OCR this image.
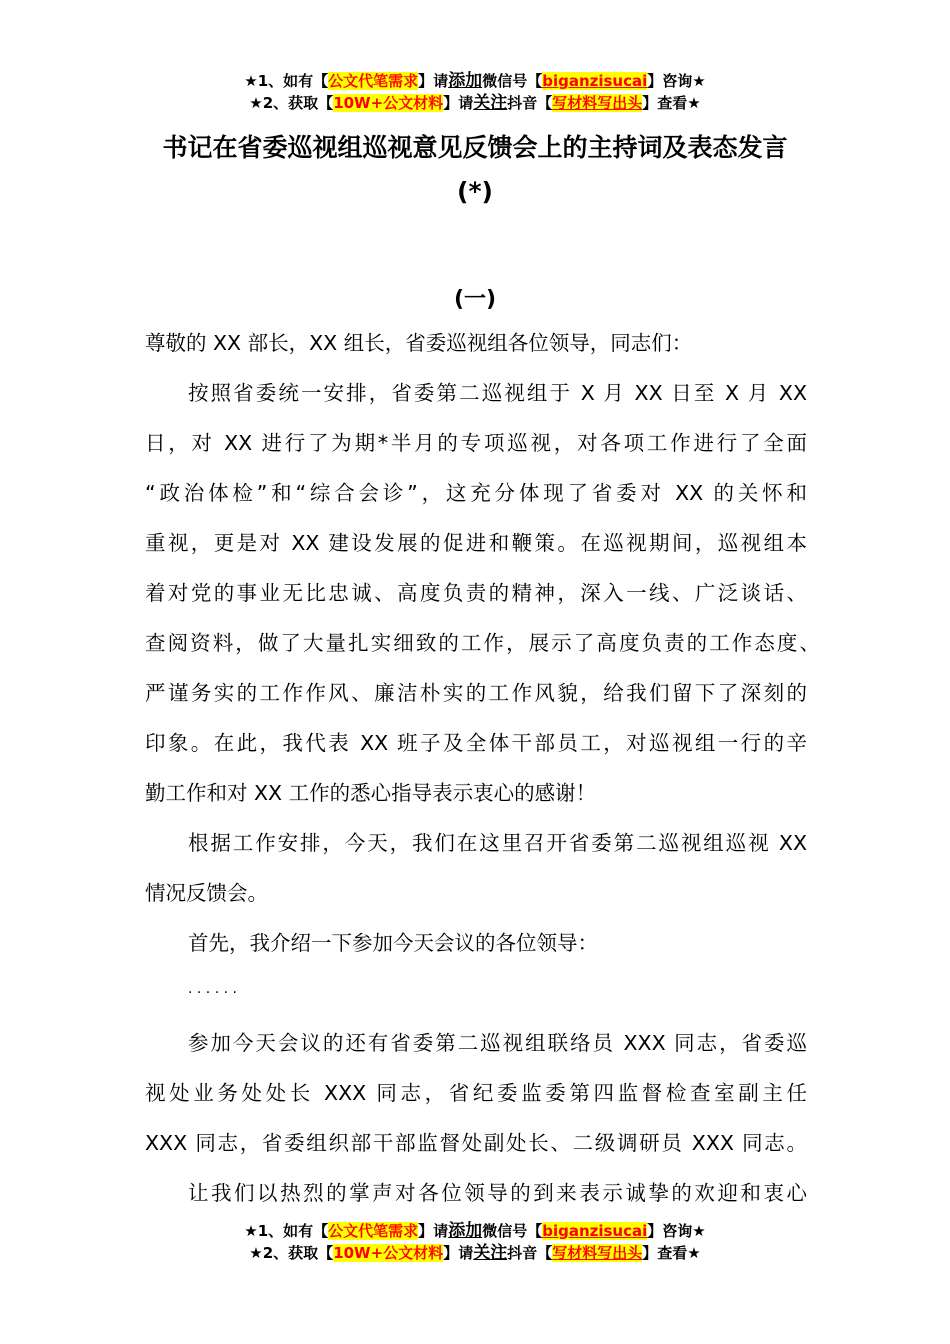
★1、如有【公文代笔需求】请添加微信号【biganzisucai】咨询★
★2、获取【10W+公文材料】请关注抖音【写材料写出头】查看★
书记在省委巡视组巡视意见反馈会上的主持词及表态发言
(*)
(一)
尊敬的 XX 部长，XX 组长，省委巡视组各位领导，同志们：
按照省委统一安排，省委第二巡视组于 X 月 XX 日至 X 月 XX
日，对 XX 进行了为期*半月的专项巡视，对各项工作进行了全面
“政治体检”和“综合会诊”，这充分体现了省委对 XX 的关怀和
重视，更是对 XX 建设发展的促进和鞭策。在巡视期间，巡视组本
着对党的事业无比忠诚、高度负责的精神，深入一线、广泛谈话、
查阅资料，做了大量扎实细致的工作，展示了高度负责的工作态度、
严谨务实的工作作风、廉洁朴实的工作风貌，给我们留下了深刻的
印象。在此，我代表 XX 班子及全体干部员工，对巡视组一行的辛
勤工作和对 XX 工作的悉心指导表示衷心的感谢！
根据工作安排，今天，我们在这里召开省委第二巡视组巡视 XX
情况反馈会。
首先，我介绍一下参加今天会议的各位领导：
· · · · · ·
参加今天会议的还有省委第二巡视组联络员 XXX 同志，省委巡
视处业务处处长 XXX 同志，省纪委监委第四监督检查室副主任
XXX 同志，省委组织部干部监督处副处长、二级调研员 XXX 同志。
让我们以热烈的掌声对各位领导的到来表示诚挚的欢迎和衷心
★1、如有【公文代笔需求】请添加微信号【biganzisucai】咨询★
★2、获取【10W+公文材料】请关注抖音【写材料写出头】查看★
